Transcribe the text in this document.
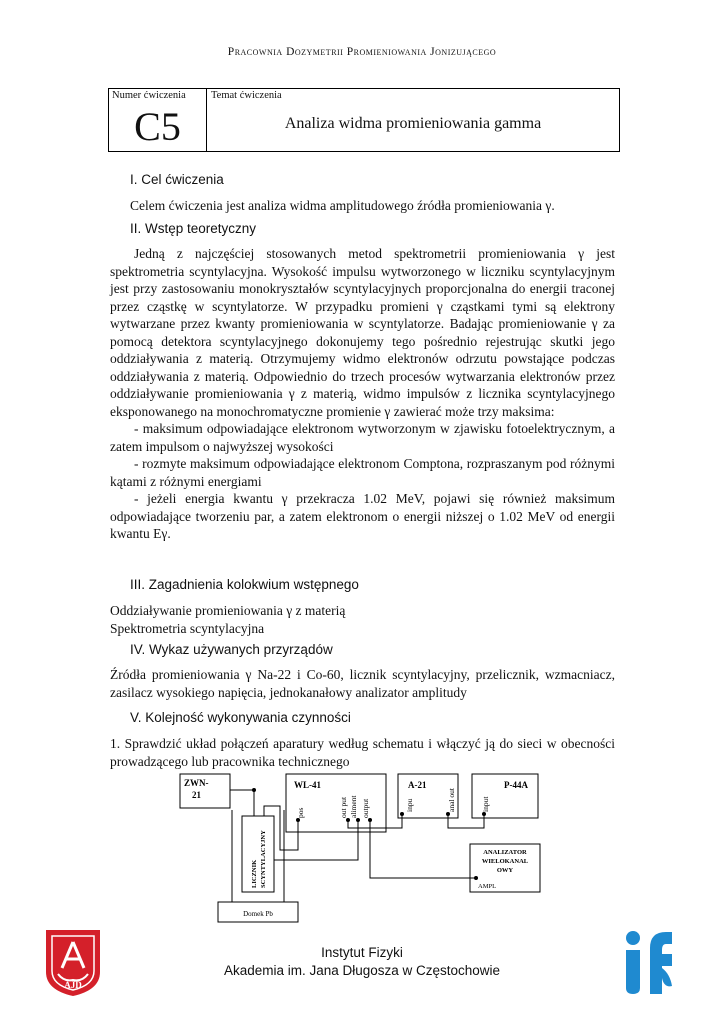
Pracownia Dozymetrii Promieniowania Jonizującego
Numer ćwiczenia
C5
Temat ćwiczenia
Analiza widma promieniowania gamma
I. Cel ćwiczenia
Celem ćwiczenia jest analiza widma amplitudowego źródła promieniowania γ.
II. Wstęp teoretyczny

Jedną z najczęściej stosowanych metod spektrometrii promieniowania γ jest spektrometria scyntylacyjna. Wysokość impulsu wytworzonego w liczniku scyntylacyjnym jest przy zastosowaniu monokryształów scyntylacyjnych proporcjonalna do energii traconej przez cząstkę w scyntylatorze. W przypadku promieni γ cząstkami tymi są elektrony wytwarzane przez kwanty promieniowania w scyntylatorze. Badając promieniowanie γ za pomocą detektora scyntylacyjnego dokonujemy tego pośrednio rejestrując skutki jego oddziaływania z materią. Otrzymujemy widmo elektronów odrzutu powstające podczas oddziaływania z materią. Odpowiednio do trzech procesów wytwarzania elektronów przez oddziaływanie promieniowania γ z materią, widmo impulsów z licznika scyntylacyjnego eksponowanego na monochromatyczne promienie γ zawierać może trzy maksima:

- maksimum odpowiadające elektronom wytworzonym w zjawisku fotoelektrycznym, a zatem impulsom o najwyższej wysokości

- rozmyte maksimum odpowiadające elektronom Comptona, rozpraszanym pod różnymi kątami z różnymi energiami

- jeżeli energia kwantu γ przekracza 1.02 MeV, pojawi się również maksimum odpowiadające tworzeniu par, a zatem elektronom o energii niższej o 1.02 MeV od energii kwantu Eγ.

III. Zagadnienia kolokwium wstępnego

Oddziaływanie promieniowania γ z materią

Spektrometria scyntylacyjna

IV. Wykaz używanych przyrządów
Źródła promieniowania γ Na-22 i Co-60, licznik scyntylacyjny, przelicznik, wzmacniacz, zasilacz wysokiego napięcia, jednokanałowy analizator amplitudy
V. Kolejność wykonywania czynności
1. Sprawdzić układ połączeń aparatury według schematu i włączyć ją do sieci w obecności prowadzącego lub pracownika technicznego
ZWN-
21
WL-41	A-21	P-44A
pos	out put aliment output	inpu	anal out	input
ANALIZATOR
WIELOKANAL
OWY
AMPL
LICZNIK SCYNTYLACYJNY
Domek Pb
AJD
Instytut Fizyki
Akademia im. Jana Długosza w Częstochowie
